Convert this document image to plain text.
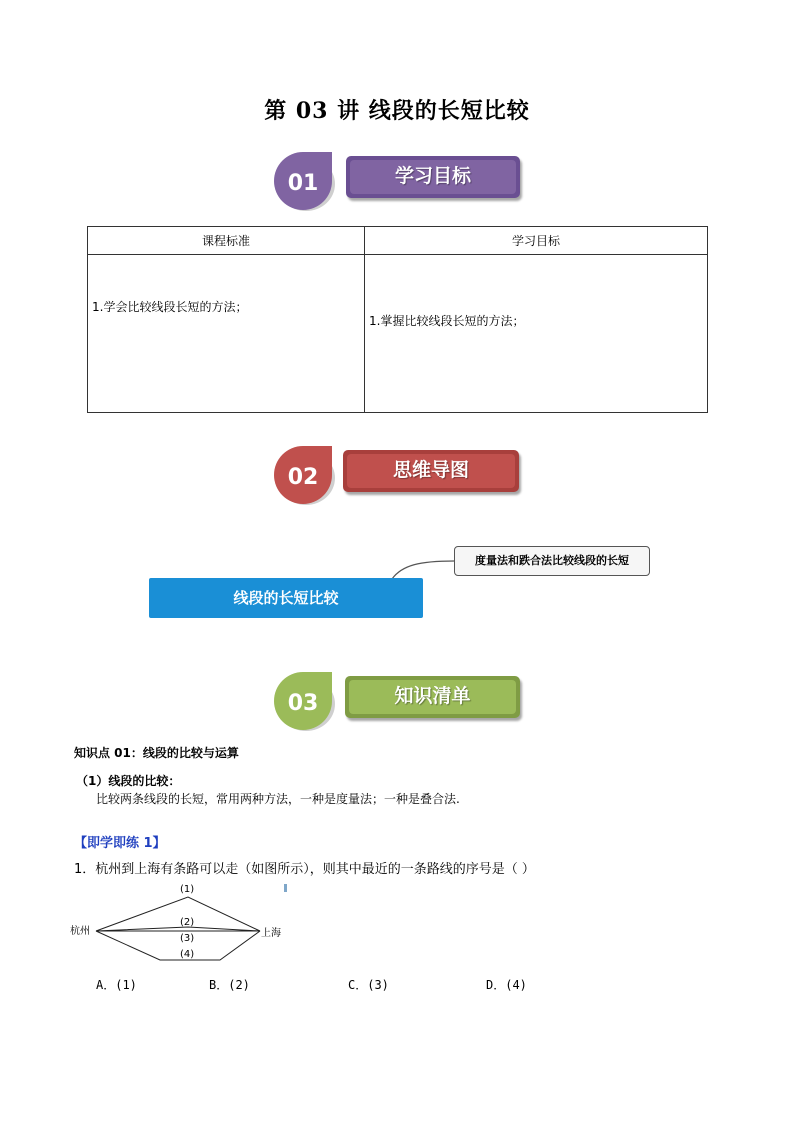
第 03 讲 线段的长短比较
01	学习目标
课程标准	学习目标

1.学会比较线段长短的方法；	1.掌握比较线段长短的方法；
02	思维导图
线段的长短比较
度量法和跌合法比较线段的长短
03	知识清单
知识点 01：线段的比较与运算
（1）线段的比较：
比较两条线段的长短，常用两种方法，一种是度量法；一种是叠合法.
【即学即练 1】
1．杭州到上海有条路可以走（如图所示），则其中最近的一条路线的序号是（ ）
杭州	上海
(1)
(2)
(3)
(4)
A．(1)	B．(2)	C．(3)	D．(4)
